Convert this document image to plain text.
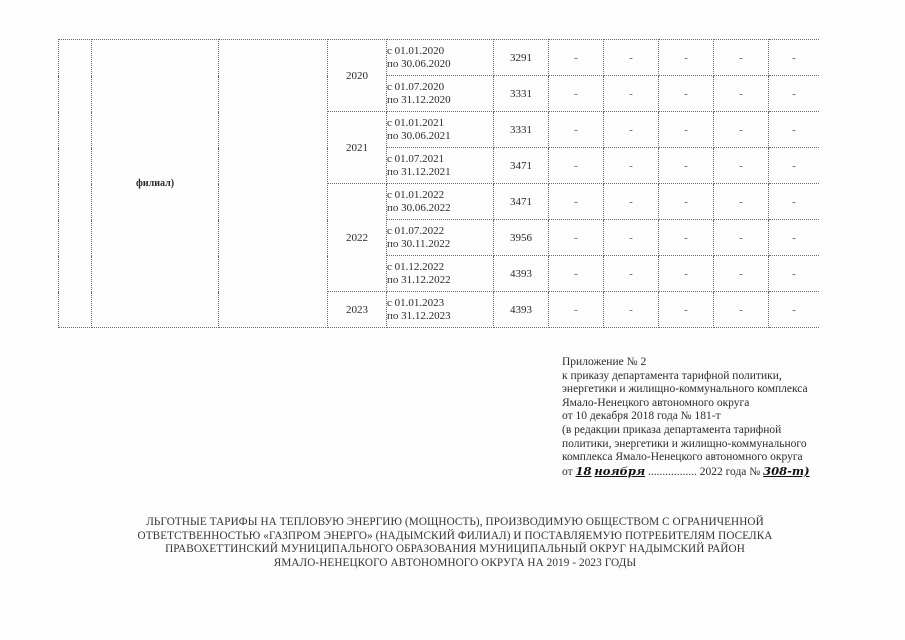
	филиал)		2020	с 01.01.2020
по 30.06.2020	3291	-	-	-	-	-

				с 01.07.2020
по 31.12.2020	3331	-	-	-	-	-
			2021	с 01.01.2021
по 30.06.2021	3331	-	-	-	-	-

				с 01.07.2021
по 31.12.2021	3471	-	-	-	-	-
			2022	с 01.01.2022
по 30.06.2022	3471	-	-	-	-	-

				с 01.07.2022
по 30.11.2022	3956	-	-	-	-	-

				с 01.12.2022
по 31.12.2022	4393	-	-	-	-	-
			2023	с 01.01.2023
по 31.12.2023	4393	-	-	-	-	-
Приложение № 2
к приказу департамента тарифной политики,
энергетики и жилищно-коммунального комплекса
Ямало-Ненецкого автономного округа
от 10 декабря 2018 года № 181-т
(в редакции приказа департамента тарифной
политики, энергетики и жилищно-коммунального
комплекса Ямало-Ненецкого автономного округа
от 18 ноября ................. 2022 года № 308-т)
ЛЬГОТНЫЕ ТАРИФЫ НА ТЕПЛОВУЮ ЭНЕРГИЮ (МОЩНОСТЬ), ПРОИЗВОДИМУЮ ОБЩЕСТВОМ С ОГРАНИЧЕННОЙ
ОТВЕТСТВЕННОСТЬЮ «ГАЗПРОМ ЭНЕРГО» (НАДЫМСКИЙ ФИЛИАЛ) И ПОСТАВЛЯЕМУЮ ПОТРЕБИТЕЛЯМ ПОСЕЛКА
ПРАВОХЕТТИНСКИЙ МУНИЦИПАЛЬНОГО ОБРАЗОВАНИЯ МУНИЦИПАЛЬНЫЙ ОКРУГ НАДЫМСКИЙ РАЙОН
ЯМАЛО-НЕНЕЦКОГО АВТОНОМНОГО ОКРУГА НА 2019 - 2023 ГОДЫ
